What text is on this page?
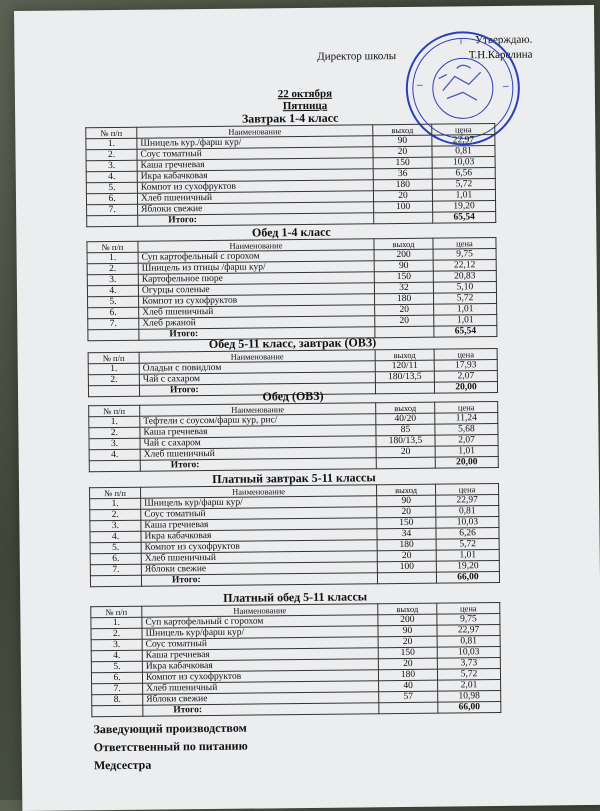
Утверждаю.
Директор школы	Т.Н.Карелина
22 октября
Пятница
Завтрак 1-4 класс
№ п/п	Наименование	выход	цена
1.	Шницель кур./фарш кур/	90	22,97
2.	Соус томатный	20	0,81
3.	Каша гречневая	150	10,03
4.	Икра кабачковая	36	6,56
5.	Компот из сухофруктов	180	5,72
6.	Хлеб пшеничный	20	1,01
7.	Яблоки свежие	100	19,20
	Итого:		65,54
Обед 1-4 класс
№ п/п	Наименование	выход	цена
1.	Суп картофельный с горохом	200	9,75
2.	Шницель из птицы /фарш кур/	90	22,12
3.	Картофельное пюре	150	20,83
4.	Огурцы соленые	32	5,10
5.	Компот из сухофруктов	180	5,72
6.	Хлеб пшеничный	20	1,01
7.	Хлеб ржаной	20	1,01
	Итого:		65,54
Обед 5-11 класс, завтрак (ОВЗ)
№ п/п	Наименование	выход	цена
1.	Оладьи с повидлом	120/11	17,93
2.	Чай с сахаром	180/13,5	2,07
	Итого:		20,00
Обед (ОВЗ)
№ п/п	Наименование	выход	цена
1.	Тефтели с соусом/фарш кур, рис/	40/20	11,24
2.	Каша гречневая	85	5,68
3.	Чай с сахаром	180/13,5	2,07
4.	Хлеб пшеничный	20	1,01
	Итого:		20,00
Платный завтрак 5-11 классы
№ п/п	Наименование	выход	цена
1.	Шницель кур/фарш кур/	90	22,97
2.	Соус томатный	20	0,81
3.	Каша гречневая	150	10,03
4.	Икра кабачковая	34	6,26
5.	Компот из сухофруктов	180	5,72
6.	Хлеб пшеничный	20	1,01
7.	Яблоки свежие	100	19,20
	Итого:		66,00
Платный обед 5-11 классы
№ п/п	Наименование	выход	цена
1.	Суп картофельный с горохом	200	9,75
2.	Шницель кур/фарш кур/	90	22,97
3.	Соус томатный	20	0,81
4.	Каша гречневая	150	10,03
5.	Икра кабачковая	20	3,73
6.	Компот из сухофруктов	180	5,72
7.	Хлеб пшеничный	40	2,01
8.	Яблоки свежие	57	10,98
	Итого:		66,00
Заведующий производством
Ответственный по питанию
Медсестра
